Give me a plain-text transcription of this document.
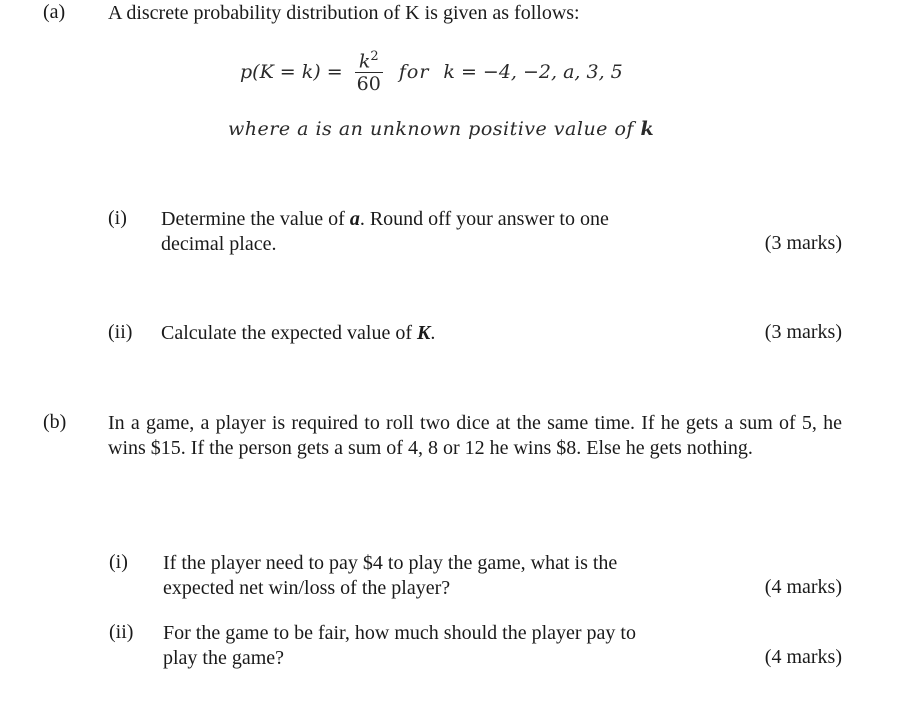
(a) A discrete probability distribution of K is given as follows:
$p(K = k) = \frac{k^2}{60}$ for k = −4, −2, a, 3, 5
where a is an unknown positive value of k
(i) Determine the value of a. Round off your answer to one
decimal place.	(3 marks)
(ii) Calculate the expected value of K.	(3 marks)
(b) In a game, a player is required to roll two dice at the same time. If he gets a sum of 5, he wins $15. If the person gets a sum of 4, 8 or 12 he wins $8. Else he gets nothing.
(i) If the player need to pay $4 to play the game, what is the
expected net win/loss of the player?	(4 marks)
(ii) For the game to be fair, how much should the player pay to
play the game?	(4 marks)
